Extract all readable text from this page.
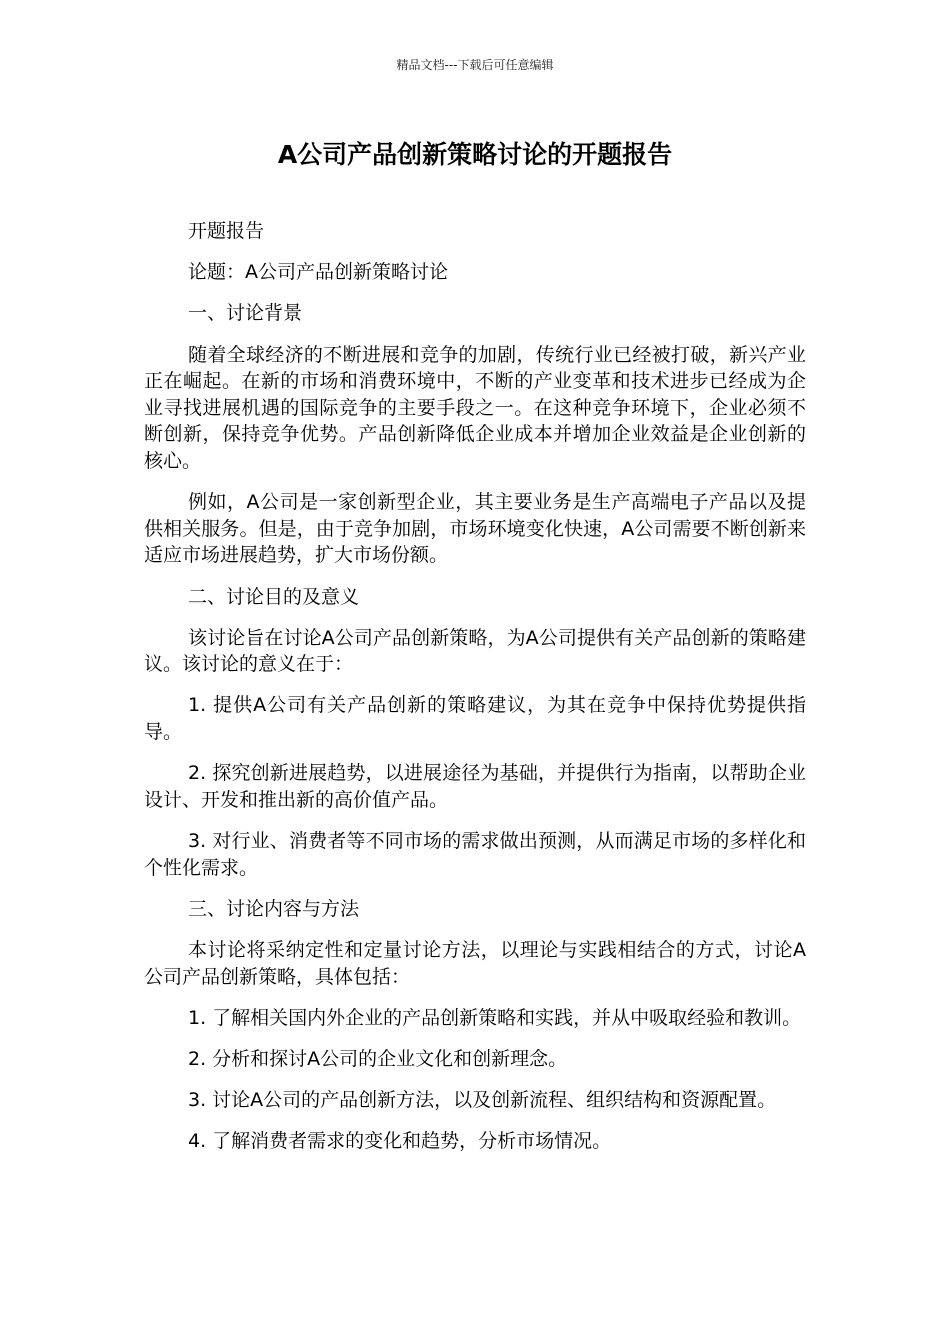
精品文档---下载后可任意编辑
A公司产品创新策略讨论的开题报告

开题报告

论题：A公司产品创新策略讨论

一、讨论背景

随着全球经济的不断进展和竞争的加剧，传统行业已经被打破，新兴产业正在崛起。在新的市场和消费环境中，不断的产业变革和技术进步已经成为企业寻找进展机遇的国际竞争的主要手段之一。在这种竞争环境下，企业必须不断创新，保持竞争优势。产品创新降低企业成本并增加企业效益是企业创新的核心。

例如，A公司是一家创新型企业，其主要业务是生产高端电子产品以及提供相关服务。但是，由于竞争加剧，市场环境变化快速，A公司需要不断创新来适应市场进展趋势，扩大市场份额。

二、讨论目的及意义

该讨论旨在讨论A公司产品创新策略，为A公司提供有关产品创新的策略建议。该讨论的意义在于：

1. 提供A公司有关产品创新的策略建议，为其在竞争中保持优势提供指导。

2. 探究创新进展趋势，以进展途径为基础，并提供行为指南，以帮助企业设计、开发和推出新的高价值产品。

3. 对行业、消费者等不同市场的需求做出预测，从而满足市场的多样化和个性化需求。

三、讨论内容与方法

本讨论将采纳定性和定量讨论方法，以理论与实践相结合的方式，讨论A公司产品创新策略，具体包括：

1. 了解相关国内外企业的产品创新策略和实践，并从中吸取经验和教训。

2. 分析和探讨A公司的企业文化和创新理念。

3. 讨论A公司的产品创新方法，以及创新流程、组织结构和资源配置。

4. 了解消费者需求的变化和趋势，分析市场情况。
